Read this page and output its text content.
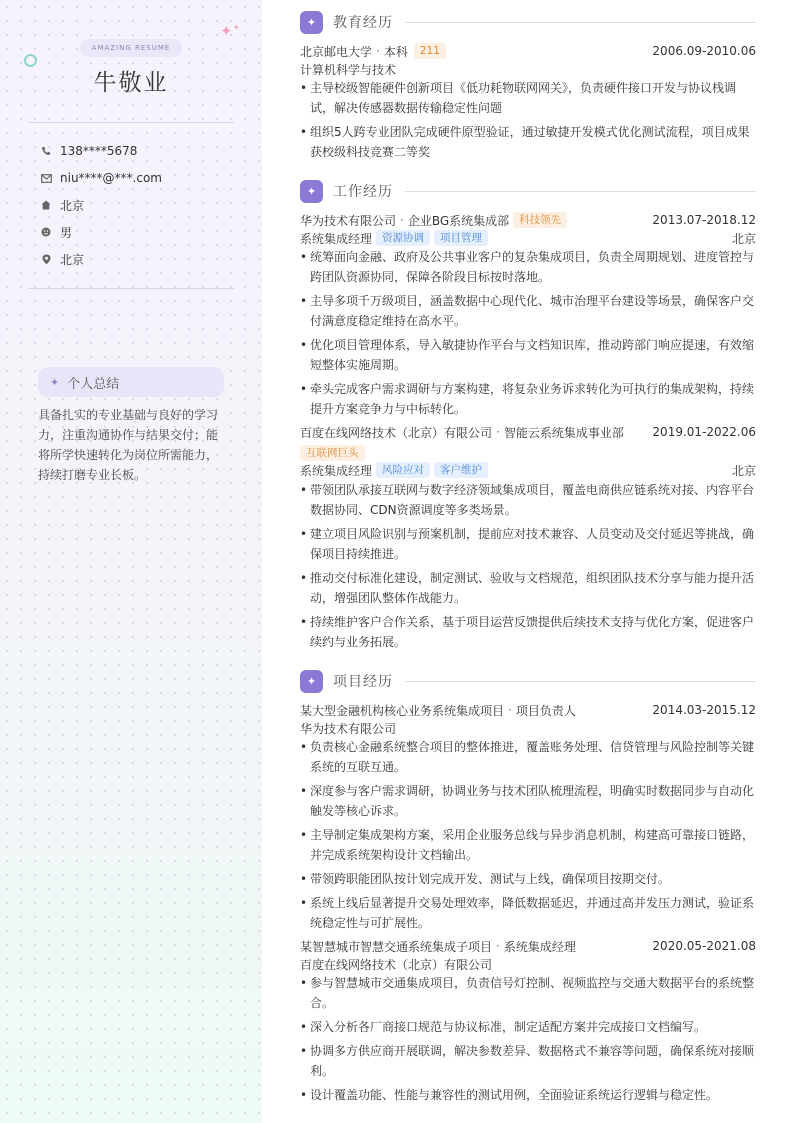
✦ ✦
AMAZING RESUME
牛敬业
138****5678
niu****@***.com
北京
男
北京
✦ 个人总结
具备扎实的专业基础与良好的学习力，注重沟通协作与结果交付；能将所学快速转化为岗位所需能力，持续打磨专业长板。
✦	教育经历
北京邮电大学 · 本科	211	2006.09-2010.06
计算机科学与技术
• 主导校级智能硬件创新项目《低功耗物联网网关》，负责硬件接口开发与协议栈调试，解决传感器数据传输稳定性问题
• 组织5人跨专业团队完成硬件原型验证，通过敏捷开发模式优化测试流程，项目成果获校级科技竞赛二等奖
✦	工作经历
华为技术有限公司 · 企业BG系统集成部 科技领先	2013.07-2018.12
系统集成经理 资源协调	项目管理	北京
• 统筹面向金融、政府及公共事业客户的复杂集成项目，负责全周期规划、进度管控与跨团队资源协同，保障各阶段目标按时落地。
• 主导多项千万级项目，涵盖数据中心现代化、城市治理平台建设等场景，确保客户交付满意度稳定维持在高水平。
• 优化项目管理体系，导入敏捷协作平台与文档知识库，推动跨部门响应提速，有效缩短整体实施周期。
• 牵头完成客户需求调研与方案构建，将复杂业务诉求转化为可执行的集成架构，持续提升方案竞争力与中标转化。
百度在线网络技术（北京）有限公司 · 智能云系统集成事业部 2019.01-2022.06
互联网巨头
系统集成经理 风险应对	客户维护	北京
• 带领团队承接互联网与数字经济领域集成项目，覆盖电商供应链系统对接、内容平台数据协同、CDN资源调度等多类场景。
• 建立项目风险识别与预案机制，提前应对技术兼容、人员变动及交付延迟等挑战，确保项目持续推进。
• 推动交付标准化建设，制定测试、验收与文档规范，组织团队技术分享与能力提升活动，增强团队整体作战能力。
• 持续维护客户合作关系，基于项目运营反馈提供后续技术支持与优化方案，促进客户续约与业务拓展。
✦	项目经历
某大型金融机构核心业务系统集成项目 · 项目负责人	2014.03-2015.12
华为技术有限公司
• 负责核心金融系统整合项目的整体推进，覆盖账务处理、信贷管理与风险控制等关键系统的互联互通。
• 深度参与客户需求调研，协调业务与技术团队梳理流程，明确实时数据同步与自动化触发等核心诉求。
• 主导制定集成架构方案，采用企业服务总线与异步消息机制，构建高可靠接口链路，并完成系统架构设计文档输出。
• 带领跨职能团队按计划完成开发、测试与上线，确保项目按期交付。
• 系统上线后显著提升交易处理效率，降低数据延迟，并通过高并发压力测试，验证系统稳定性与可扩展性。
某智慧城市智慧交通系统集成子项目 · 系统集成经理	2020.05-2021.08
百度在线网络技术（北京）有限公司
• 参与智慧城市交通集成项目，负责信号灯控制、视频监控与交通大数据平台的系统整合。
• 深入分析各厂商接口规范与协议标准，制定适配方案并完成接口文档编写。
• 协调多方供应商开展联调，解决参数差异、数据格式不兼容等问题，确保系统对接顺利。
• 设计覆盖功能、性能与兼容性的测试用例，全面验证系统运行逻辑与稳定性。
